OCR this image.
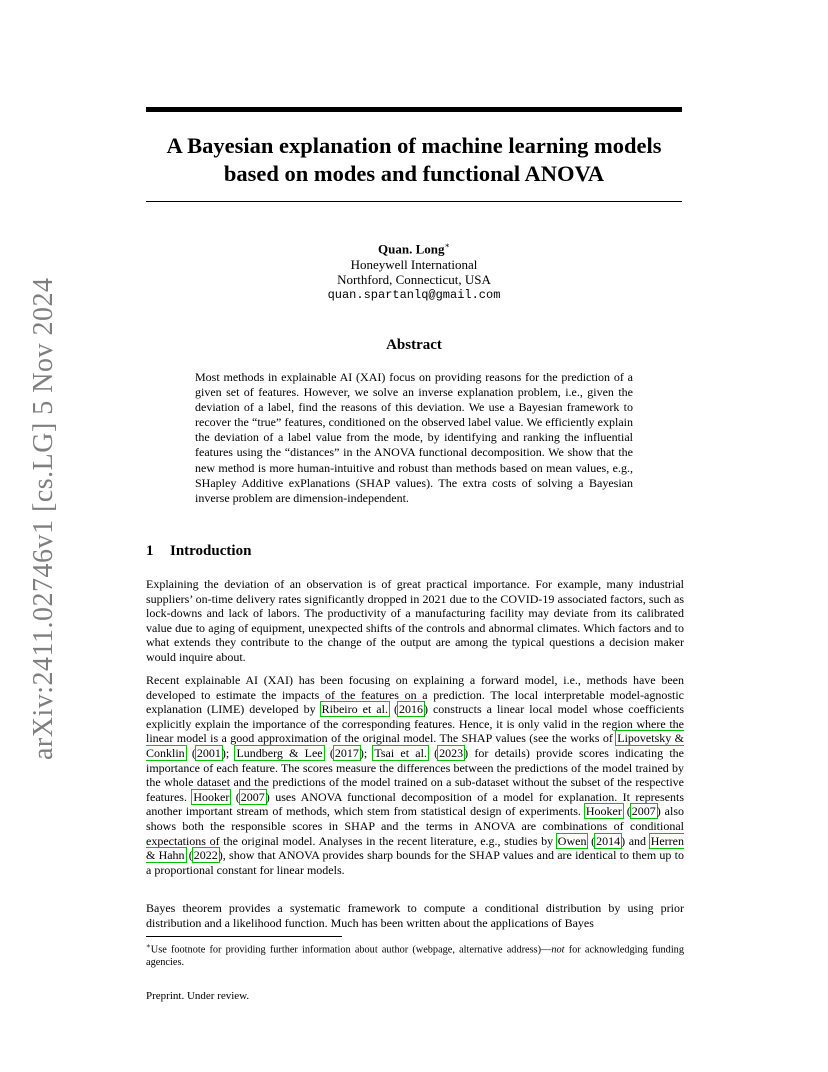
arXiv:2411.02746v1 [cs.LG] 5 Nov 2024
A Bayesian explanation of machine learning models
based on modes and functional ANOVA
Quan. Long∗
Honeywell International
Northford, Connecticut, USA
quan.spartanlq@gmail.com
Abstract

Most methods in explainable AI (XAI) focus on providing reasons for the prediction of a given set of features. However, we solve an inverse explanation problem, i.e., given the deviation of a label, find the reasons of this deviation. We use a Bayesian framework to recover the “true” features, conditioned on the observed label value. We efficiently explain the deviation of a label value from the mode, by identifying and ranking the influential features using the “distances” in the ANOVA functional decomposition. We show that the new method is more human-intuitive and robust than methods based on mean values, e.g., SHapley Additive exPlanations (SHAP values). The extra costs of solving a Bayesian inverse problem are dimension-independent.

1 Introduction

Explaining the deviation of an observation is of great practical importance. For example, many industrial suppliers’ on-time delivery rates significantly dropped in 2021 due to the COVID-19 associated factors, such as lock-downs and lack of labors. The productivity of a manufacturing facility may deviate from its calibrated value due to aging of equipment, unexpected shifts of the controls and abnormal climates. Which factors and to what extends they contribute to the change of the output are among the typical questions a decision maker would inquire about.

Recent explainable AI (XAI) has been focusing on explaining a forward model, i.e., methods have been developed to estimate the impacts of the features on a prediction. The local interpretable model-agnostic explanation (LIME) developed by Ribeiro et al. (2016) constructs a linear local model whose coefficients explicitly explain the importance of the corresponding features. Hence, it is only valid in the region where the linear model is a good approximation of the original model. The SHAP values (see the works of Lipovetsky & Conklin (2001); Lundberg & Lee (2017); Tsai et al. (2023) for details) provide scores indicating the importance of each feature. The scores measure the differences between the predictions of the model trained by the whole dataset and the predictions of the model trained on a sub-dataset without the subset of the respective features. Hooker (2007) uses ANOVA functional decomposition of a model for explanation. It represents another important stream of methods, which stem from statistical design of experiments. Hooker (2007) also shows both the responsible scores in SHAP and the terms in ANOVA are combinations of conditional expectations of the original model. Analyses in the recent literature, e.g., studies by Owen (2014) and Herren & Hahn (2022), show that ANOVA provides sharp bounds for the SHAP values and are identical to them up to a proportional constant for linear models.

Bayes theorem provides a systematic framework to compute a conditional distribution by using prior distribution and a likelihood function. Much has been written about the applications of Bayes

∗Use footnote for providing further information about author (webpage, alternative address)—not for acknowledging funding agencies.

Preprint. Under review.
